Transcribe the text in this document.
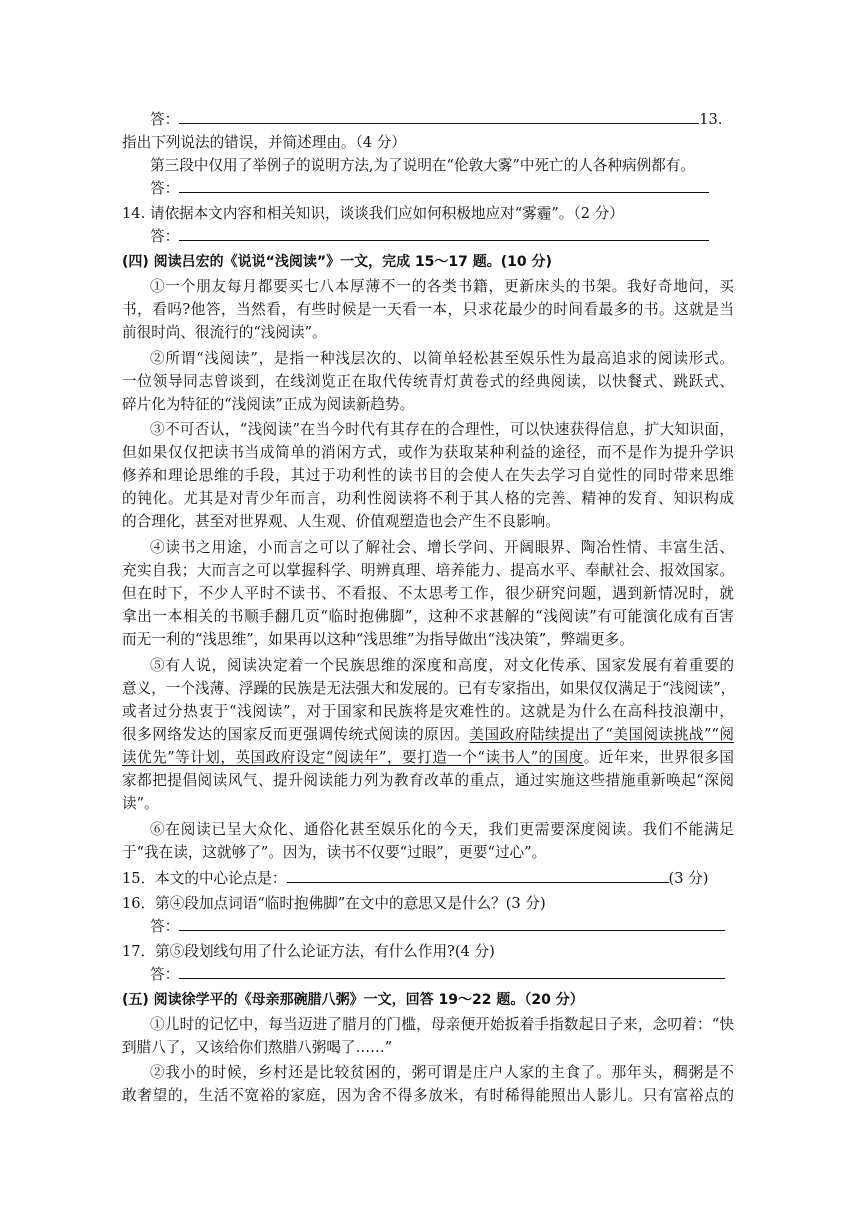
答：	13.
指出下列说法的错误，并简述理由。（4 分）
第三段中仅用了举例子的说明方法,为了说明在“伦敦大雾”中死亡的人各种病例都有。
答：
14. 请依据本文内容和相关知识，谈谈我们应如何积极地应对“雾霾”。（2 分）
答：
(四) 阅读吕宏的《说说“浅阅读”》一文，完成 15～17 题。(10 分)
①一个朋友每月都要买七八本厚薄不一的各类书籍，更新床头的书架。我好奇地问，买
书，看吗?他答，当然看，有些时候是一天看一本，只求花最少的时间看最多的书。这就是当
前很时尚、很流行的“浅阅读”。
②所谓“浅阅读”，是指一种浅层次的、以简单轻松甚至娱乐性为最高追求的阅读形式。
一位领导同志曾谈到，在线浏览正在取代传统青灯黄卷式的经典阅读，以快餐式、跳跃式、
碎片化为特征的“浅阅读”正成为阅读新趋势。
③不可否认，“浅阅读”在当今时代有其存在的合理性，可以快速获得信息，扩大知识面，
但如果仅仅把读书当成简单的消闲方式，或作为获取某种利益的途径，而不是作为提升学识
修养和理论思维的手段，其过于功利性的读书目的会使人在失去学习自觉性的同时带来思维
的钝化。尤其是对青少年而言，功利性阅读将不利于其人格的完善、精神的发育、知识构成
的合理化，甚至对世界观、人生观、价值观塑造也会产生不良影响。
④读书之用途，小而言之可以了解社会、增长学问、开阔眼界、陶冶性情、丰富生活、
充实自我；大而言之可以掌握科学、明辨真理、培养能力、提高水平、奉献社会、报效国家。
但在时下，不少人平时不读书、不看报、不太思考工作，很少研究问题，遇到新情况时，就
拿出一本相关的书顺手翻几页“临时抱佛脚”，这种不求甚解的“浅阅读”有可能演化成有百害
而无一利的“浅思维”，如果再以这种“浅思维”为指导做出“浅决策”，弊端更多。
⑤有人说，阅读决定着一个民族思维的深度和高度，对文化传承、国家发展有着重要的
意义，一个浅薄、浮躁的民族是无法强大和发展的。已有专家指出，如果仅仅满足于“浅阅读”，
或者过分热衷于“浅阅读”，对于国家和民族将是灾难性的。这就是为什么在高科技浪潮中，
很多网络发达的国家反而更强调传统式阅读的原因。美国政府陆续提出了“美国阅读挑战”“阅
读优先”等计划，英国政府设定“阅读年”，要打造一个“读书人”的国度。近年来，世界很多国
家都把提倡阅读风气、提升阅读能力列为教育改革的重点，通过实施这些措施重新唤起“深阅
读”。
⑥在阅读已呈大众化、通俗化甚至娱乐化的今天，我们更需要深度阅读。我们不能满足
于“我在读，这就够了”。因为，读书不仅要“过眼”，更要“过心”。
15．本文的中心论点是：	(3 分)
16．第④段加点词语“临时抱佛脚”在文中的意思又是什么？(3 分)
答：
17．第⑤段划线句用了什么论证方法，有什么作用?(4 分)
答：
(五) 阅读徐学平的《母亲那碗腊八粥》一文，回答 19～22 题。（20 分）
①儿时的记忆中，每当迈进了腊月的门槛，母亲便开始扳着手指数起日子来，念叨着：“快
到腊八了，又该给你们熬腊八粥喝了……”
②我小的时候，乡村还是比较贫困的，粥可谓是庄户人家的主食了。那年头，稠粥是不
敢奢望的，生活不宽裕的家庭，因为舍不得多放米，有时稀得能照出人影儿。只有富裕点的
